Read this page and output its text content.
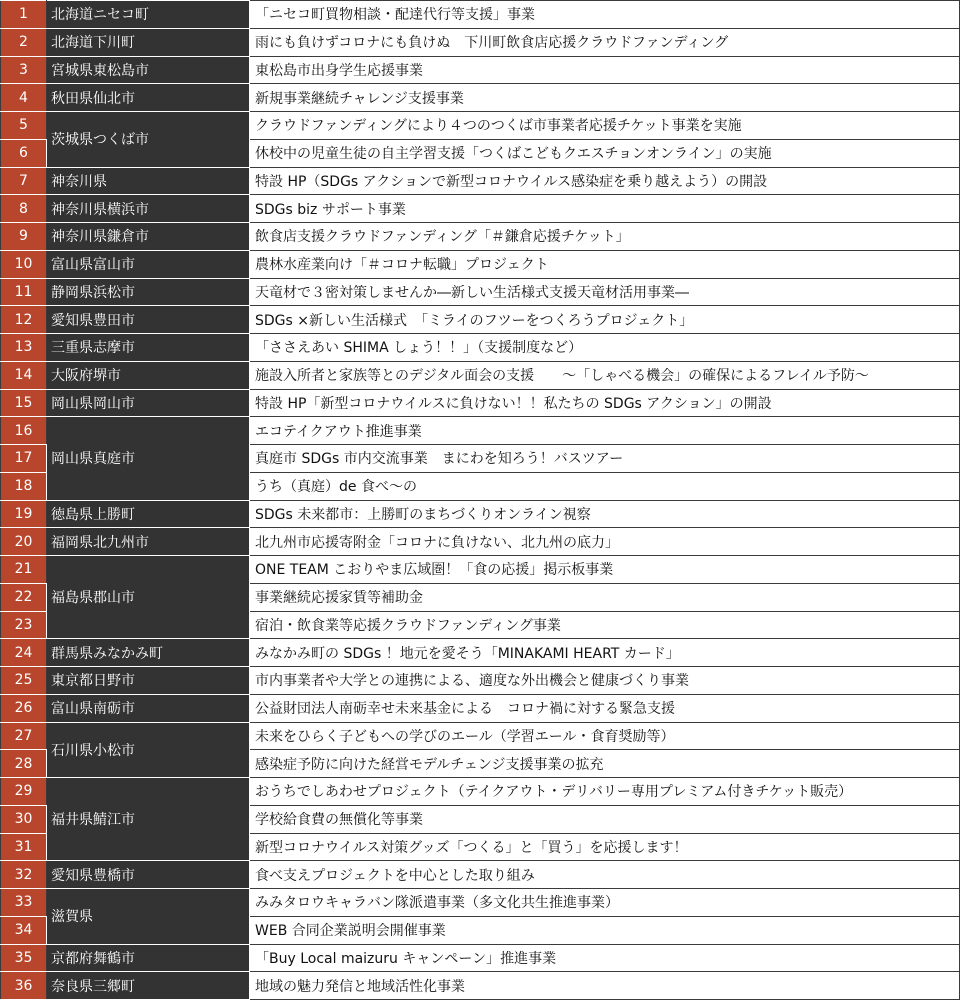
1	北海道ニセコ町	「ニセコ町買物相談・配達代行等支援」事業
2	北海道下川町	雨にも負けずコロナにも負けぬ　下川町飲食店応援クラウドファンディング
3	宮城県東松島市	東松島市出身学生応援事業
4	秋田県仙北市	新規事業継続チャレンジ支援事業
5	茨城県つくば市	クラウドファンディングにより４つのつくば市事業者応援チケット事業を実施
6		休校中の児童生徒の自主学習支援「つくばこどもクエスチョンオンライン」の実施
7	神奈川県	特設 HP（SDGs アクションで新型コロナウイルス感染症を乗り越えよう）の開設
8	神奈川県横浜市	SDGs biz サポート事業
9	神奈川県鎌倉市	飲食店支援クラウドファンディング「＃鎌倉応援チケット」
10	富山県富山市	農林水産業向け「＃コロナ転職」プロジェクト
11	静岡県浜松市	天竜材で３密対策しませんか―新しい生活様式支援天竜材活用事業―
12	愛知県豊田市	SDGs ×新しい生活様式　「ミライのフツーをつくろうプロジェクト」
13	三重県志摩市	「ささえあい SHIMA しょう！！」（支援制度など）
14	大阪府堺市	施設入所者と家族等とのデジタル面会の支援　　～「しゃべる機会」の確保によるフレイル予防～
15	岡山県岡山市	特設 HP「新型コロナウイルスに負けない！！私たちの SDGs アクション」の開設
16	岡山県真庭市	エコテイクアウト推進事業
17		真庭市 SDGs 市内交流事業　まにわを知ろう！バスツアー
18		うち（真庭）de 食べ～の
19	徳島県上勝町	SDGs 未来都市：上勝町のまちづくりオンライン視察
20	福岡県北九州市	北九州市応援寄附金「コロナに負けない、北九州の底力」
21	福島県郡山市	ONE TEAM こおりやま広域圏！「食の応援」掲示板事業
22		事業継続応援家賃等補助金
23		宿泊・飲食業等応援クラウドファンディング事業
24	群馬県みなかみ町	みなかみ町の SDGs ！地元を愛そう「MINAKAMI HEART カード」
25	東京都日野市	市内事業者や大学との連携による、適度な外出機会と健康づくり事業
26	富山県南砺市	公益財団法人南砺幸せ未来基金による　コロナ禍に対する緊急支援
27	石川県小松市	未来をひらく子どもへの学びのエール（学習エール・食育奨励等）
28		感染症予防に向けた経営モデルチェンジ支援事業の拡充
29	福井県鯖江市	おうちでしあわせプロジェクト（テイクアウト・デリバリー専用プレミアム付きチケット販売）
30		学校給食費の無償化等事業
31		新型コロナウイルス対策グッズ「つくる」と「買う」を応援します！
32	愛知県豊橋市	食べ支えプロジェクトを中心とした取り組み
33	滋賀県	みみタロウキャラバン隊派遣事業（多文化共生推進事業）
34		WEB 合同企業説明会開催事業
35	京都府舞鶴市	「Buy Local maizuru キャンペーン」推進事業
36	奈良県三郷町	地域の魅力発信と地域活性化事業
